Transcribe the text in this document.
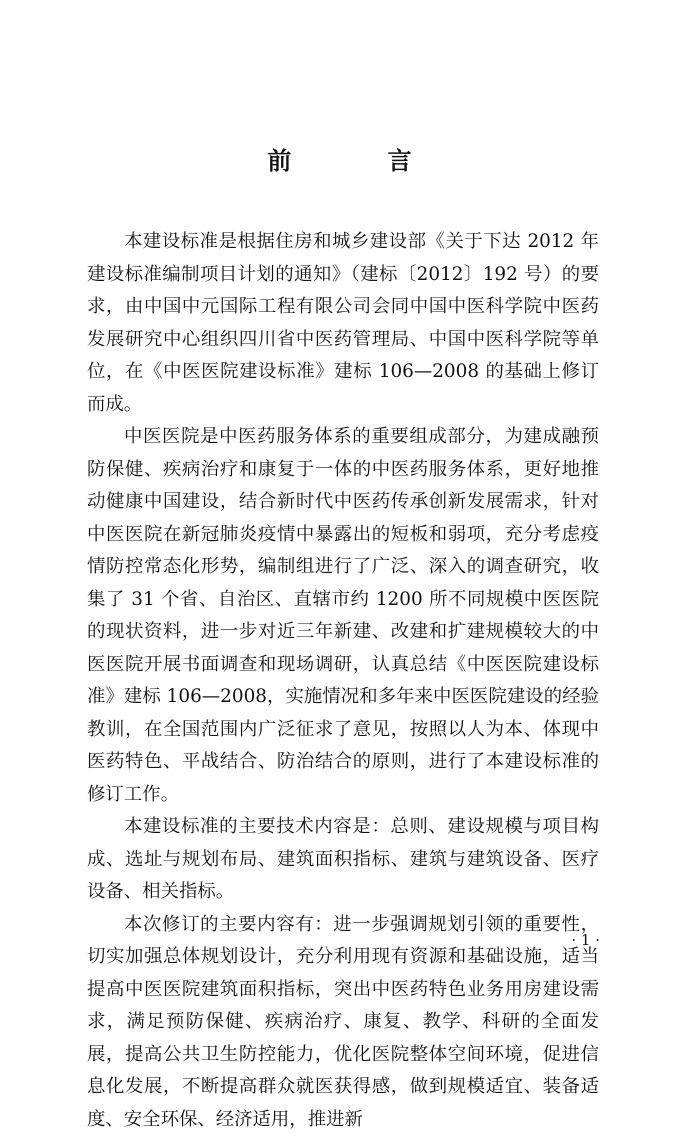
前 言

本建设标准是根据住房和城乡建设部《关于下达 2012 年建设标准编制项目计划的通知》（建标〔2012〕192 号）的要求，由中国中元国际工程有限公司会同中国中医科学院中医药发展研究中心组织四川省中医药管理局、中国中医科学院等单位，在《中医医院建设标准》建标 106—2008 的基础上修订而成。

中医医院是中医药服务体系的重要组成部分，为建成融预防保健、疾病治疗和康复于一体的中医药服务体系，更好地推动健康中国建设，结合新时代中医药传承创新发展需求，针对中医医院在新冠肺炎疫情中暴露出的短板和弱项，充分考虑疫情防控常态化形势，编制组进行了广泛、深入的调查研究，收集了 31 个省、自治区、直辖市约 1200 所不同规模中医医院的现状资料，进一步对近三年新建、改建和扩建规模较大的中医医院开展书面调查和现场调研，认真总结《中医医院建设标准》建标 106—2008，实施情况和多年来中医医院建设的经验教训，在全国范围内广泛征求了意见，按照以人为本、体现中医药特色、平战结合、防治结合的原则，进行了本建设标准的修订工作。

本建设标准的主要技术内容是：总则、建设规模与项目构成、选址与规划布局、建筑面积指标、建筑与建筑设备、医疗设备、相关指标。

本次修订的主要内容有：进一步强调规划引领的重要性，切实加强总体规划设计，充分利用现有资源和基础设施，适当提高中医医院建筑面积指标，突出中医药特色业务用房建设需求，满足预防保健、疾病治疗、康复、教学、科研的全面发展，提高公共卫生防控能力，优化医院整体空间环境，促进信息化发展，不断提高群众就医获得感，做到规模适宜、装备适度、安全环保、经济适用，推进新

· 1 ·
